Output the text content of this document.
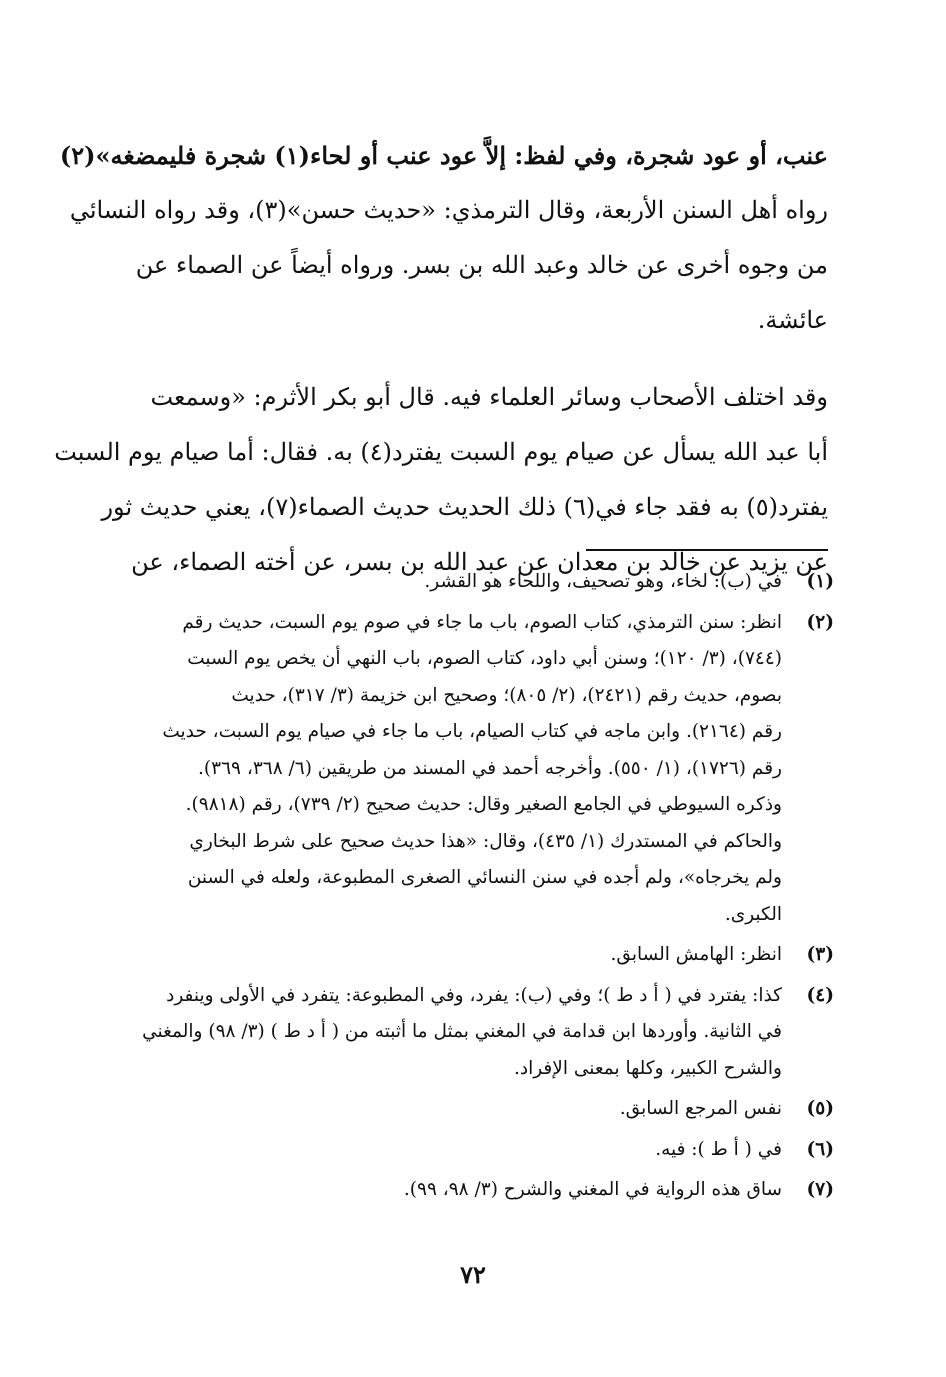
عنب، أو عود شجرة، وفي لفظ: إلاَّ عود عنب أو لحاء(١) شجرة فليمضغه»(٢)
رواه أهل السنن الأربعة، وقال الترمذي: «حديث حسن»(٣)، وقد رواه النسائي
من وجوه أخرى عن خالد وعبد الله بن بسر. ورواه أيضاً عن الصماء عن
عائشة.

وقد اختلف الأصحاب وسائر العلماء فيه. قال أبو بكر الأثرم: «وسمعت
أبا عبد الله يسأل عن صيام يوم السبت يفترد(٤) به. فقال: أما صيام يوم السبت
يفترد(٥) به فقد جاء في(٦) ذلك الحديث حديث الصماء(٧)، يعني حديث ثور
عن يزيد عن خالد بن معدان عن عبد الله بن بسر، عن أخته الصماء، عن

(١)
في (ب): لخاء، وهو تصحيف، واللحاء هو القشر.
(٢)
انظر: سنن الترمذي، كتاب الصوم، باب ما جاء في صوم يوم السبت، حديث رقم
(٧٤٤)، (٣/ ١٢٠)؛ وسنن أبي داود، كتاب الصوم، باب النهي أن يخص يوم السبت
بصوم، حديث رقم (٢٤٢١)، (٢/ ٨٠٥)؛ وصحيح ابن خزيمة (٣/ ٣١٧)، حديث
رقم (٢١٦٤). وابن ماجه في كتاب الصيام، باب ما جاء في صيام يوم السبت، حديث
رقم (١٧٢٦)، (١/ ٥٥٠). وأخرجه أحمد في المسند من طريقين (٦/ ٣٦٨، ٣٦٩).
وذكره السيوطي في الجامع الصغير وقال: حديث صحيح (٢/ ٧٣٩)، رقم (٩٨١٨).
والحاكم في المستدرك (١/ ٤٣٥)، وقال: «هذا حديث صحيح على شرط البخاري
ولم يخرجاه»، ولم أجده في سنن النسائي الصغرى المطبوعة، ولعله في السنن
الكبرى.
(٣)
انظر: الهامش السابق.
(٤)
كذا: يفترد في ( أ د ط )؛ وفي (ب): يفرد، وفي المطبوعة: يتفرد في الأولى وينفرد
في الثانية. وأوردها ابن قدامة في المغني بمثل ما أثبته من ( أ د ط ) (٣/ ٩٨) والمغني
والشرح الكبير، وكلها بمعنى الإفراد.
(٥)
نفس المرجع السابق.
(٦)
في ( أ ط ): فيه.
(٧)
ساق هذه الرواية في المغني والشرح (٣/ ٩٨، ٩٩).
٧٢
